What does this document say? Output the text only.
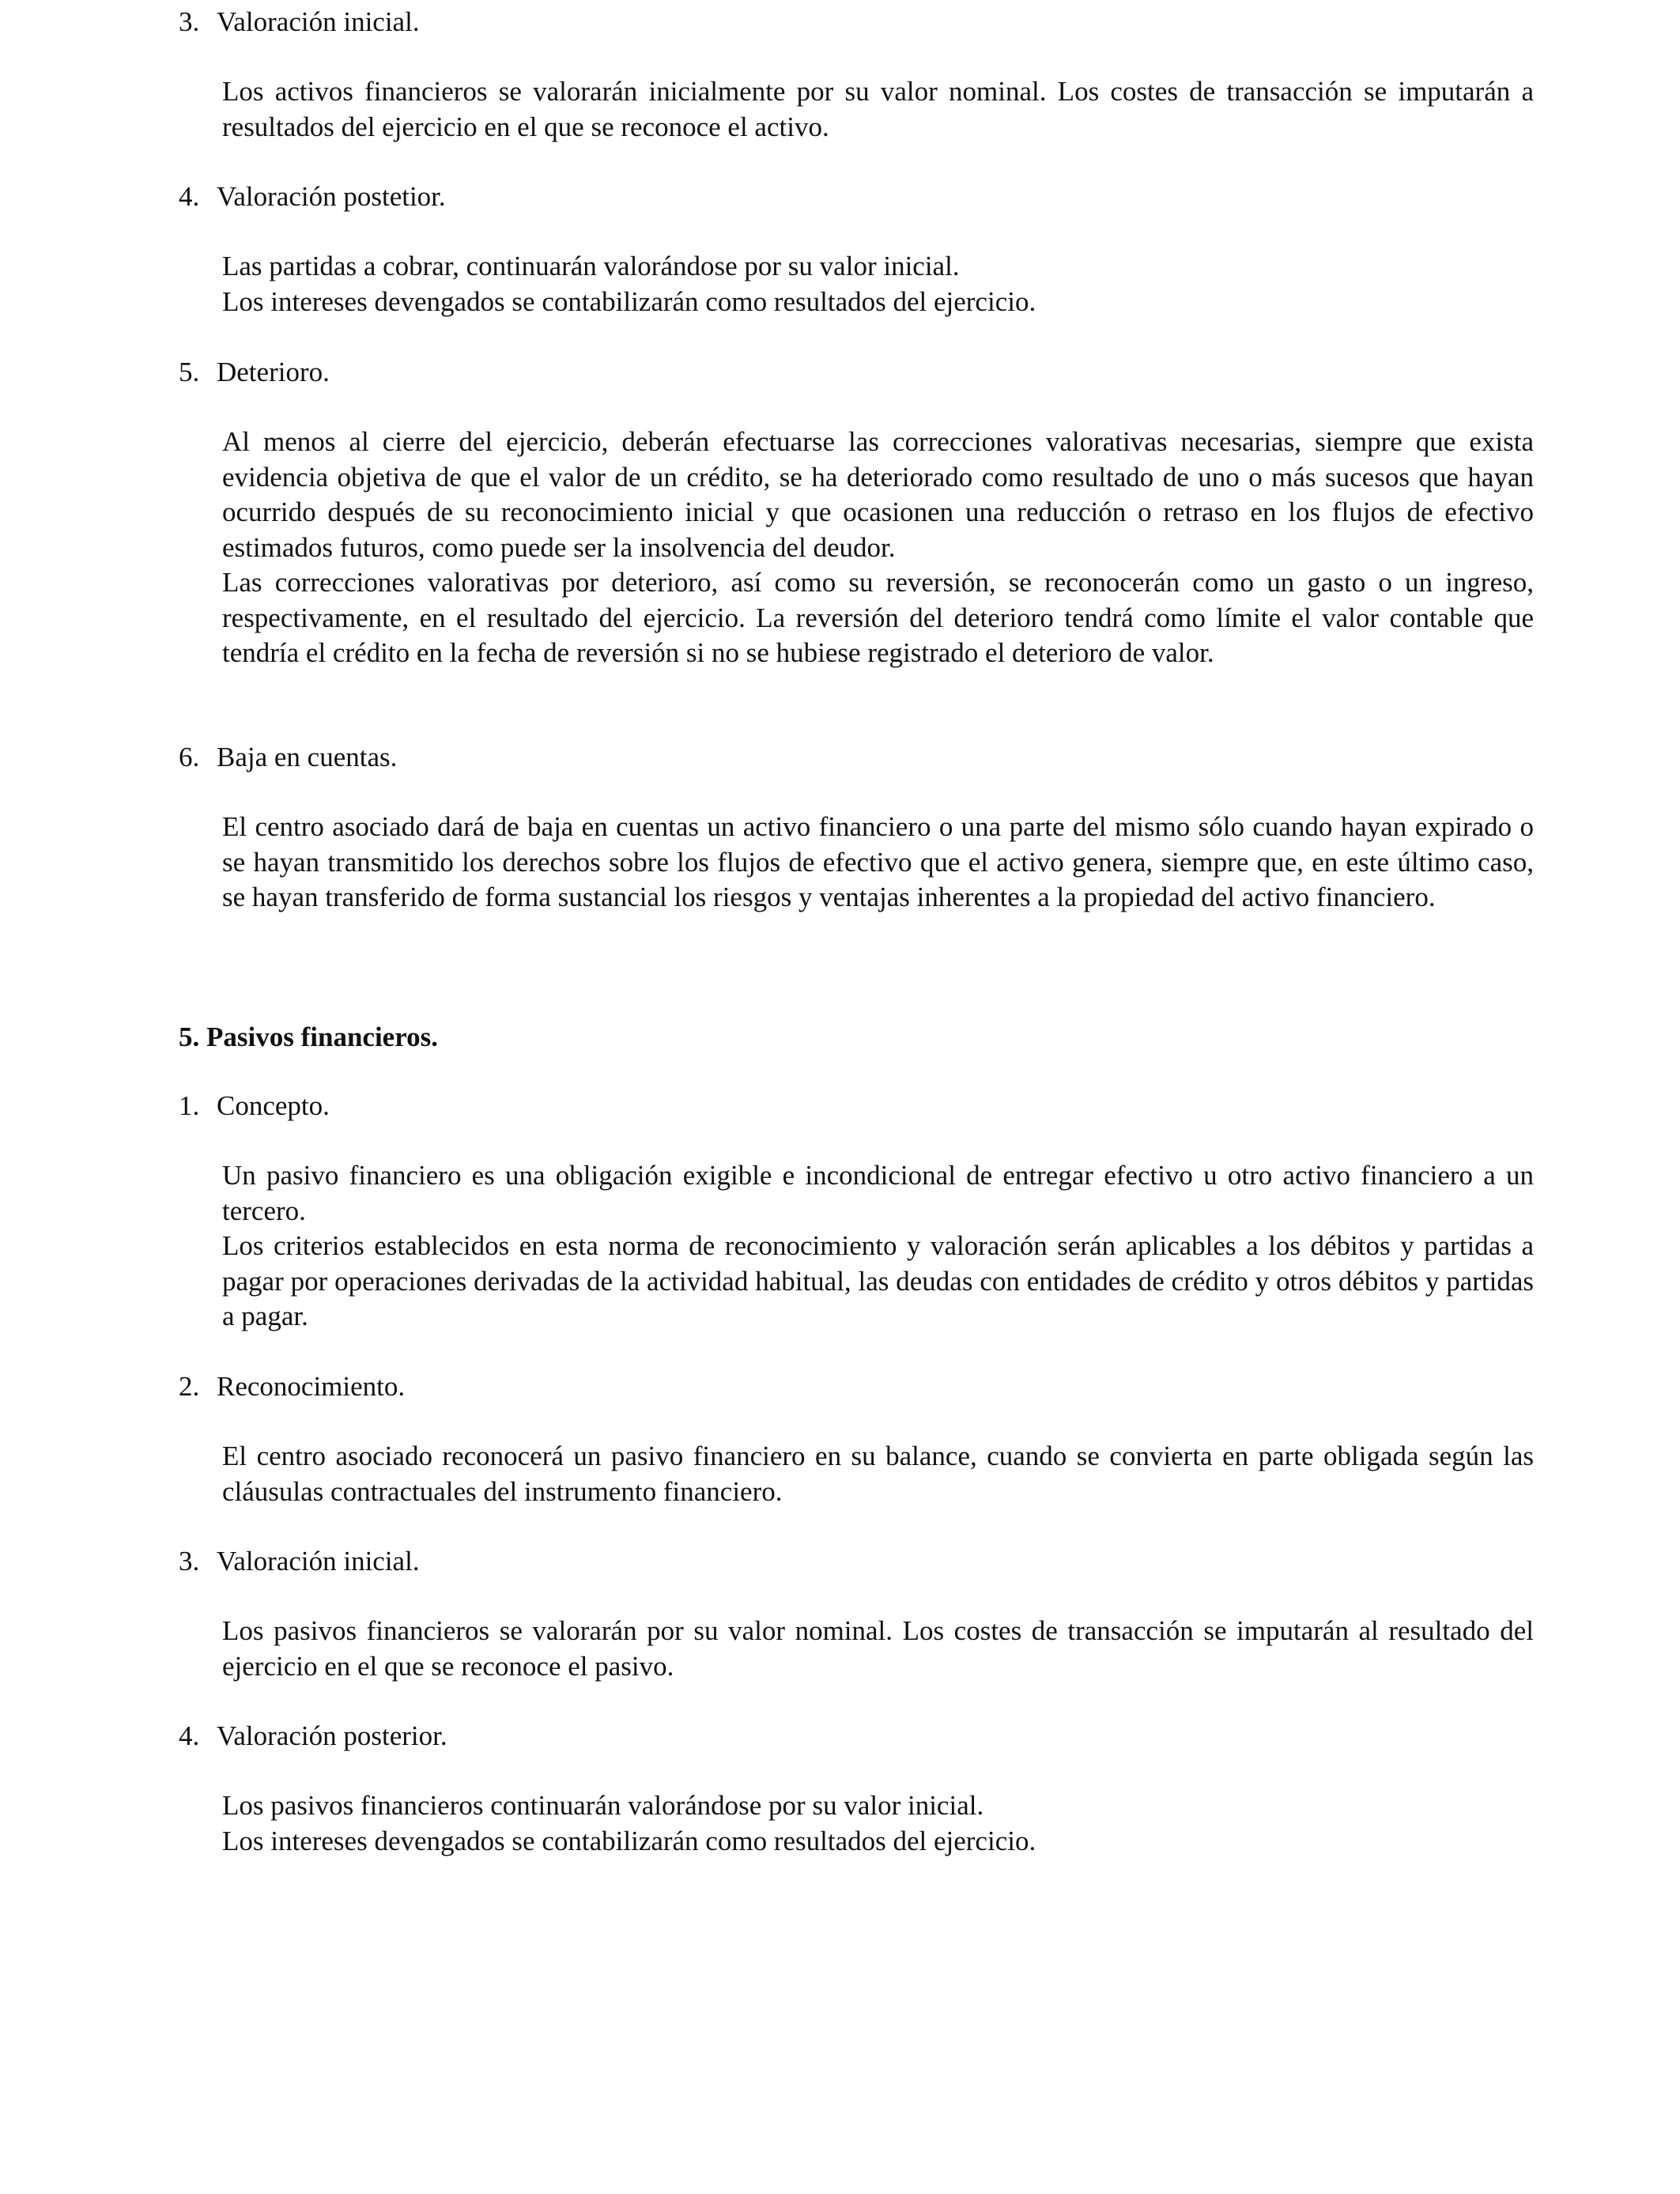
3. Valoración inicial.

Los activos financieros se valorarán inicialmente por su valor nominal. Los costes de transacción se imputarán a resultados del ejercicio en el que se reconoce el activo.

4. Valoración postetior.

Las partidas a cobrar, continuarán valorándose por su valor inicial.

Los intereses devengados se contabilizarán como resultados del ejercicio.

5. Deterioro.

Al menos al cierre del ejercicio, deberán efectuarse las correcciones valorativas necesarias, siempre que exista evidencia objetiva de que el valor de un crédito, se ha deteriorado como resultado de uno o más sucesos que hayan ocurrido después de su reconocimiento inicial y que ocasionen una reducción o retraso en los flujos de efectivo estimados futuros, como puede ser la insolvencia del deudor.

Las correcciones valorativas por deterioro, así como su reversión, se reconocerán como un gasto o un ingreso, respectivamente, en el resultado del ejercicio. La reversión del deterioro tendrá como límite el valor contable que tendría el crédito en la fecha de reversión si no se hubiese registrado el deterioro de valor.

6. Baja en cuentas.

El centro asociado dará de baja en cuentas un activo financiero o una parte del mismo sólo cuando hayan expirado o se hayan transmitido los derechos sobre los flujos de efectivo que el activo genera, siempre que, en este último caso, se hayan transferido de forma sustancial los riesgos y ventajas inherentes a la propiedad del activo financiero.

5. Pasivos financieros.
1. Concepto.

Un pasivo financiero es una obligación exigible e incondicional de entregar efectivo u otro activo financiero a un tercero.

Los criterios establecidos en esta norma de reconocimiento y valoración serán aplicables a los débitos y partidas a pagar por operaciones derivadas de la actividad habitual, las deudas con entidades de crédito y otros débitos y partidas a pagar.

2. Reconocimiento.

El centro asociado reconocerá un pasivo financiero en su balance, cuando se convierta en parte obligada según las cláusulas contractuales del instrumento financiero.

3. Valoración inicial.

Los pasivos financieros se valorarán por su valor nominal. Los costes de transacción se imputarán al resultado del ejercicio en el que se reconoce el pasivo.

4. Valoración posterior.

Los pasivos financieros continuarán valorándose por su valor inicial.

Los intereses devengados se contabilizarán como resultados del ejercicio.
